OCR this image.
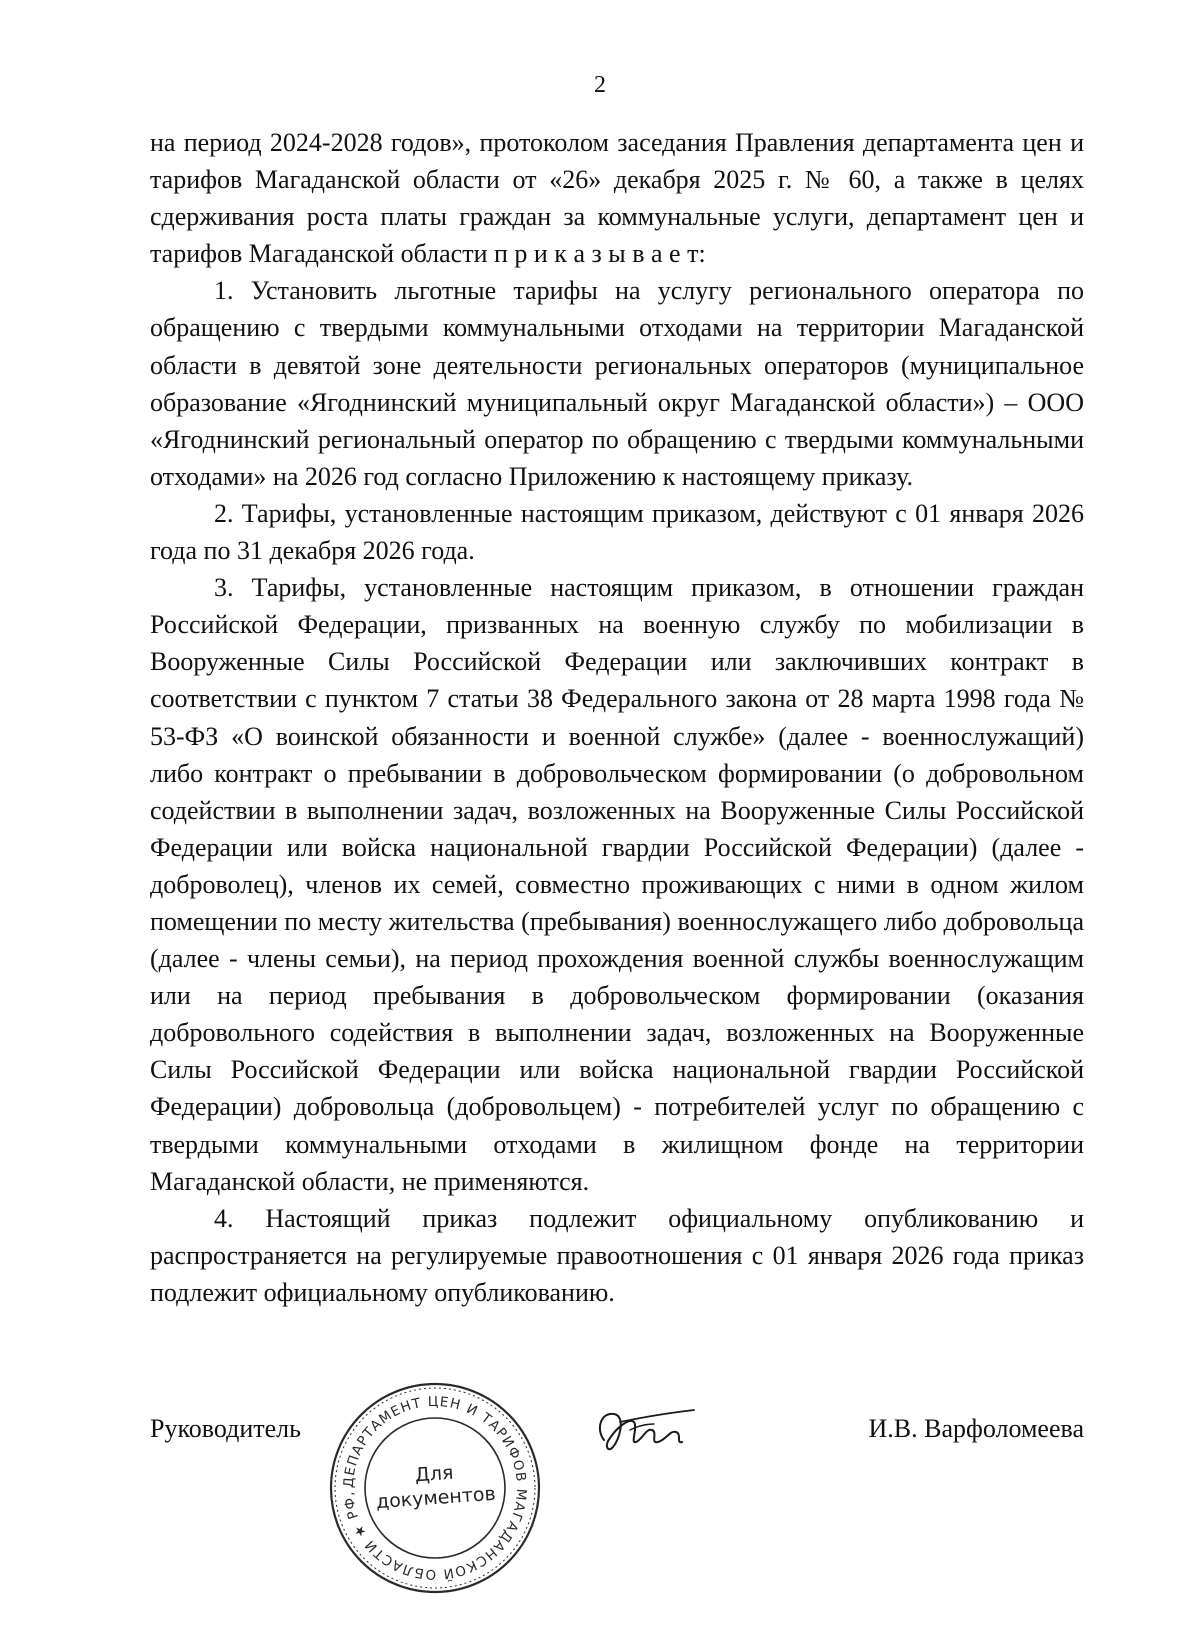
2

на период 2024-2028 годов», протоколом заседания Правления департамента цен и тарифов Магаданской области от «26» декабря 2025 г. № 60, а также в целях сдерживания роста платы граждан за коммунальные услуги, департамент цен и тарифов Магаданской области п р и к а з ы в а е т:

1. Установить льготные тарифы на услугу регионального оператора по обращению с твердыми коммунальными отходами на территории Магаданской области в девятой зоне деятельности региональных операторов (муниципальное образование «Ягоднинский муниципальный округ Магаданской области») – ООО «Ягоднинский региональный оператор по обращению с твердыми коммунальными отходами» на 2026 год согласно Приложению к настоящему приказу.

2. Тарифы, установленные настоящим приказом, действуют с 01 января 2026 года по 31 декабря 2026 года.

3. Тарифы, установленные настоящим приказом, в отношении граждан Российской Федерации, призванных на военную службу по мобилизации в Вооруженные Силы Российской Федерации или заключивших контракт в соответствии с пунктом 7 статьи 38 Федерального закона от 28 марта 1998 года № 53-ФЗ «О воинской обязанности и военной службе» (далее - военнослужащий) либо контракт о пребывании в добровольческом формировании (о добровольном содействии в выполнении задач, возложенных на Вооруженные Силы Российской Федерации или войска национальной гвардии Российской Федерации) (далее - доброволец), членов их семей, совместно проживающих с ними в одном жилом помещении по месту жительства (пребывания) военнослужащего либо добровольца (далее - члены семьи), на период прохождения военной службы военнослужащим или на период пребывания в добровольческом формировании (оказания добровольного содействия в выполнении задач, возложенных на Вооруженные Силы Российской Федерации или войска национальной гвардии Российской Федерации) добровольца (добровольцем) - потребителей услуг по обращению с твердыми коммунальными отходами в жилищном фонде на территории Магаданской области, не применяются.

4. Настоящий приказ подлежит официальному опубликованию и распространяется на регулируемые правоотношения с 01 января 2026 года приказ подлежит официальному опубликованию.

Руководитель	И.В. Варфоломеева
ДЕПАРТАМЕНТ ЦЕН И ТАРИФОВ МАГАДАНСКОЙ ОБЛАСТИ ★ РФ,
Для
документов
